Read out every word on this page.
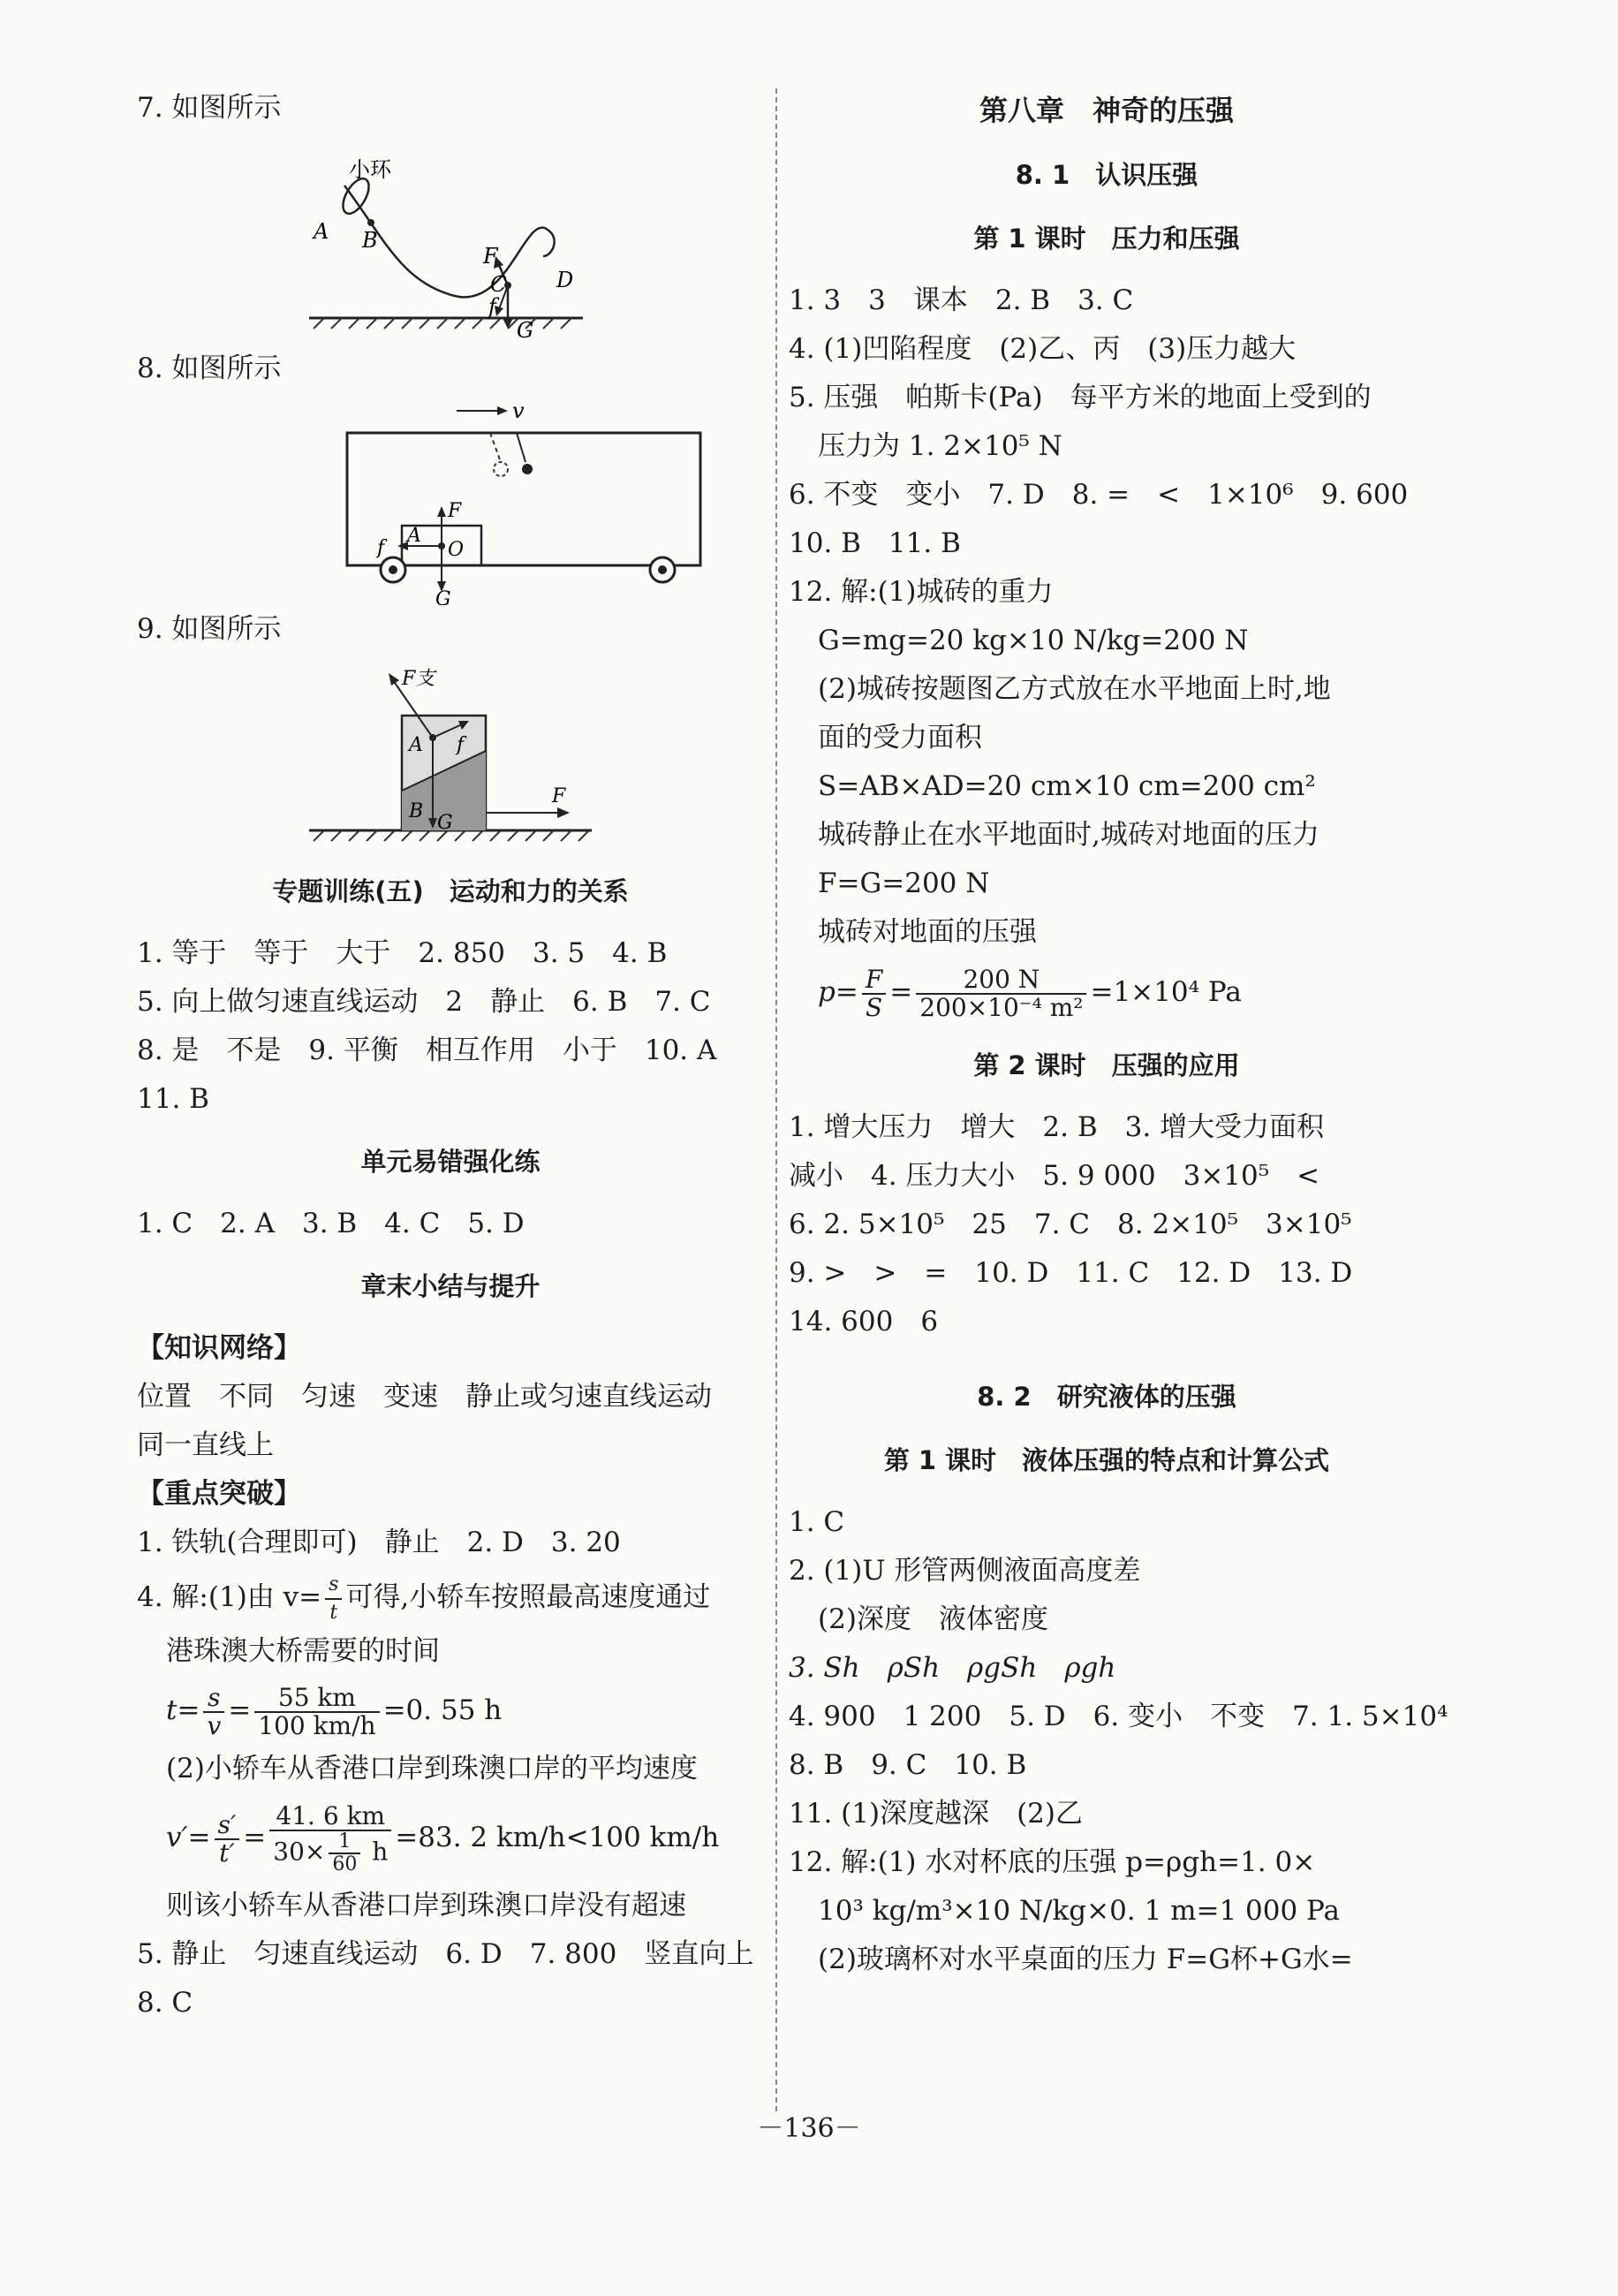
7. 如图所示
小环
A B
C D
F
f
G
8. 如图所示
v
A
F
O
f
G
9. 如图所示
F支
A f
B
G
F
专题训练(五)　运动和力的关系
1. 等于　等于　大于　2. 850　3. 5　4. B
5. 向上做匀速直线运动　2　静止　6. B　7. C
8. 是　不是　9. 平衡　相互作用　小于　10. A
11. B
单元易错强化练
1. C　2. A　3. B　4. C　5. D
章末小结与提升
【知识网络】
位置　不同　匀速　变速　静止或匀速直线运动
同一直线上
【重点突破】
1. 铁轨(合理即可)　静止　2. D　3. 20
4. 解:(1)由 $v= \frac{s}{t}$ 可得,小轿车按照最高速度通过
港珠澳大桥需要的时间
$t= \frac{s}{v} = \frac{55 km}{100 km/h} =0$. 55 h
(2)小轿车从香港口岸到珠澳口岸的平均速度
$v'= \frac{s'}{t'} = \frac{41. 6 km}{30\times \frac{1}{60} h} =83$. 2 km/h<100 km/h
则该小轿车从香港口岸到珠澳口岸没有超速
5. 静止　匀速直线运动　6. D　7. 800　竖直向上
8. C
第八章　神奇的压强
8. 1　认识压强
第 1 课时　压力和压强
1. 3　3　课本　2. B　3. C
4. (1)凹陷程度　(2)乙、丙　(3)压力越大
5. 压强　帕斯卡(Pa)　每平方米的地面上受到的
压力为 1. 2×10⁵ N
6. 不变　变小　7. D　8. =　<　1×10⁶　9. 600
10. B　11. B
12. 解:(1)城砖的重力
G=mg=20 kg×10 N/kg=200 N
(2)城砖按题图乙方式放在水平地面上时,地
面的受力面积
S=AB×AD=20 cm×10 cm=200 cm²
城砖静止在水平地面时,城砖对地面的压力
F=G=200 N
城砖对地面的压强
$p= \frac{F}{S} = \frac{200 N}{\text{200×10⁻⁴ m²}} =1\times 10^4$ Pa
第 2 课时　压强的应用
1. 增大压力　增大　2. B　3. 增大受力面积
减小　4. 压力大小　5. 9 000　3×10⁵　<
6. 2. 5×10⁵　25　7. C　8. 2×10⁵　3×10⁵
9. >　>　=　10. D　11. C　12. D　13. D
14. 600　6
8. 2　研究液体的压强
第 1 课时　液体压强的特点和计算公式
1. C
2. (1)U 形管两侧液面高度差
(2)深度　液体密度
3. Sh　ρSh　ρgSh　ρgh
4. 900　1 200　5. D　6. 变小　不变　7. 1. 5×10⁴
8. B　9. C　10. B
11. (1)深度越深　(2)乙
12. 解:(1) 水对杯底的压强 p=ρgh=1. 0×
10³ kg/m³×10 N/kg×0. 1 m=1 000 Pa
(2)玻璃杯对水平桌面的压力 F=G杯+G水=
－136－
